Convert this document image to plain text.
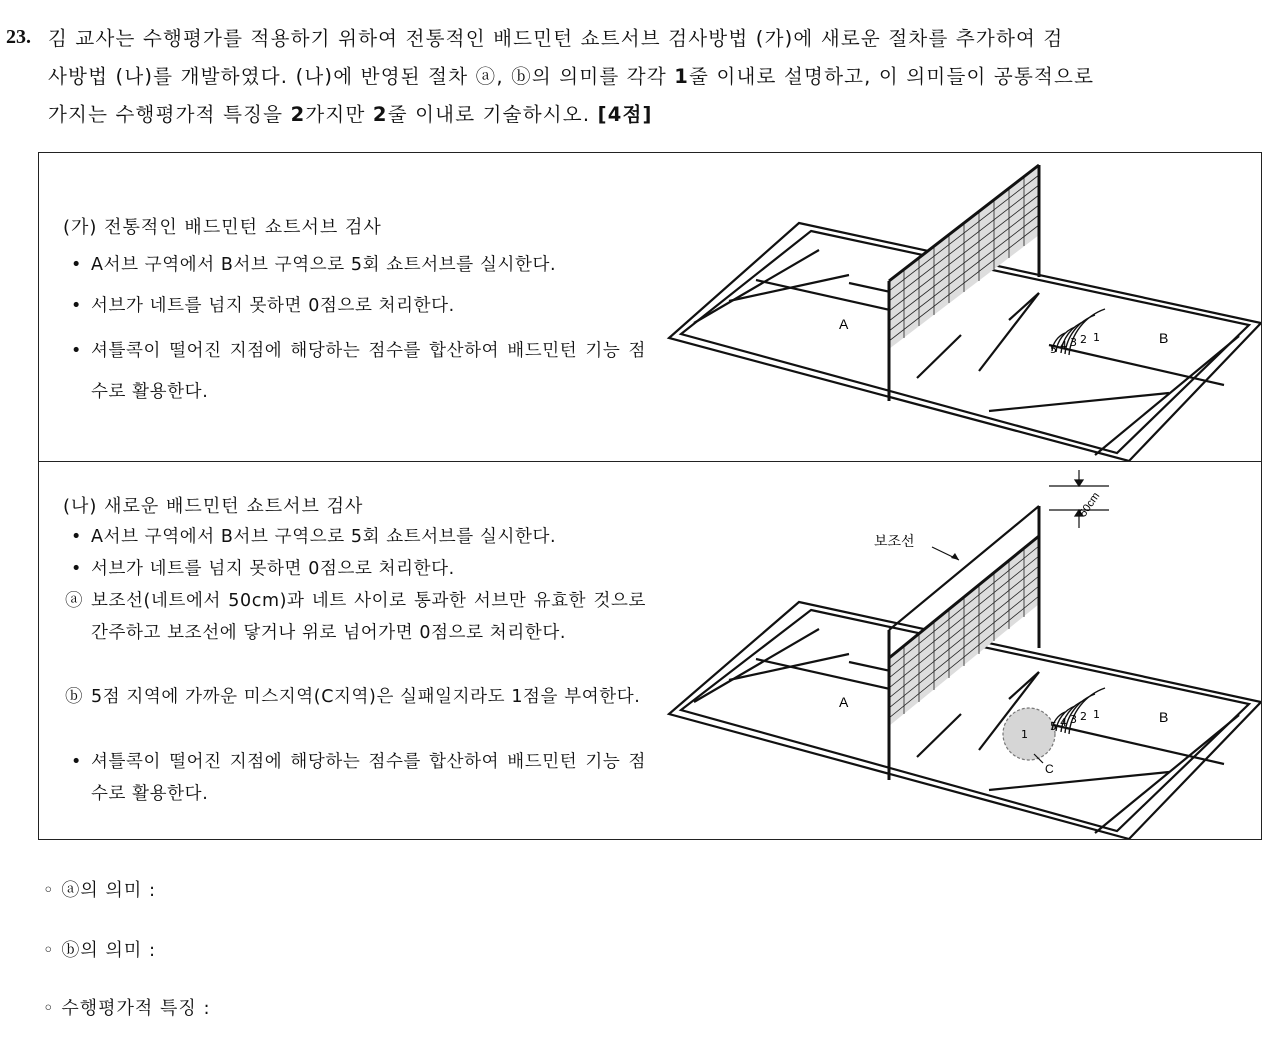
23. 김 교사는 수행평가를 적용하기 위하여 전통적인 배드민턴 쇼트서브 검사방법 (가)에 새로운 절차를 추가하여 검
사방법 (나)를 개발하였다. (나)에 반영된 절차 ⓐ, ⓑ의 의미를 각각 1줄 이내로 설명하고, 이 의미들이 공통적으로
가지는 수행평가적 특징을 2가지만 2줄 이내로 기술하시오. [4점]
(가) 전통적인 배드민턴 쇼트서브 검사
• A서브 구역에서 B서브 구역으로 5회 쇼트서브를 실시한다.
• 서브가 네트를 넘지 못하면 0점으로 처리한다.
• 셔틀콕이 떨어진 지점에 해당하는 점수를 합산하여 배드민턴 기능 점수로 활용한다.
5 4 3 2 1
A
B
(나) 새로운 배드민턴 쇼트서브 검사
• A서브 구역에서 B서브 구역으로 5회 쇼트서브를 실시한다.
• 서브가 네트를 넘지 못하면 0점으로 처리한다.
ⓐ 보조선(네트에서 50cm)과 네트 사이로 통과한 서브만 유효한 것으로 간주하고 보조선에 닿거나 위로 넘어가면 0점으로 처리한다.
ⓑ 5점 지역에 가까운 미스지역(C지역)은 실패일지라도 1점을 부여한다.
• 셔틀콕이 떨어진 지점에 해당하는 점수를 합산하여 배드민턴 기능 점수로 활용한다.
50cm
보조선
1
C
5 4 3 2 1
A
B
◦ ⓐ의 의미 :
◦ ⓑ의 의미 :
◦ 수행평가적 특징 :
